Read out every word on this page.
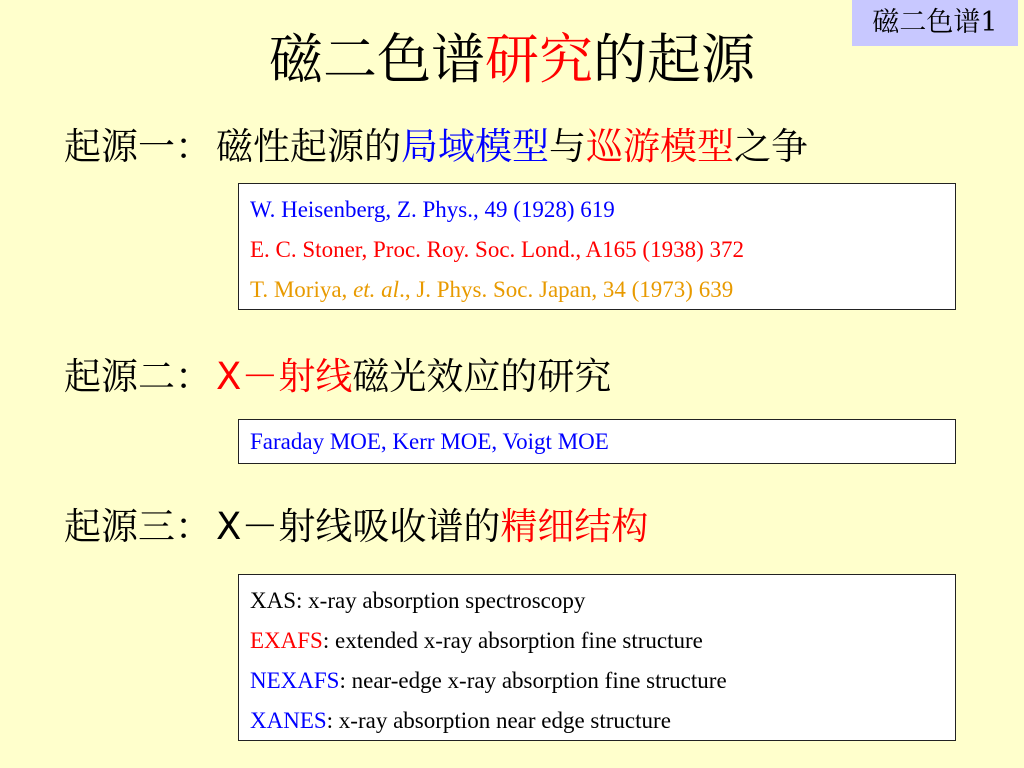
磁二色谱1
磁二色谱研究的起源
起源一： 磁性起源的局域模型与巡游模型之争
W. Heisenberg, Z. Phys., 49 (1928) 619
E. C. Stoner, Proc. Roy. Soc. Lond., A165 (1938) 372
T. Moriya, et. al., J. Phys. Soc. Japan, 34 (1973) 639
起源二： X－射线磁光效应的研究
Faraday MOE, Kerr MOE, Voigt MOE
起源三： X－射线吸收谱的精细结构
XAS: x-ray absorption spectroscopy
EXAFS: extended x-ray absorption fine structure
NEXAFS: near-edge x-ray absorption fine structure
XANES: x-ray absorption near edge structure
